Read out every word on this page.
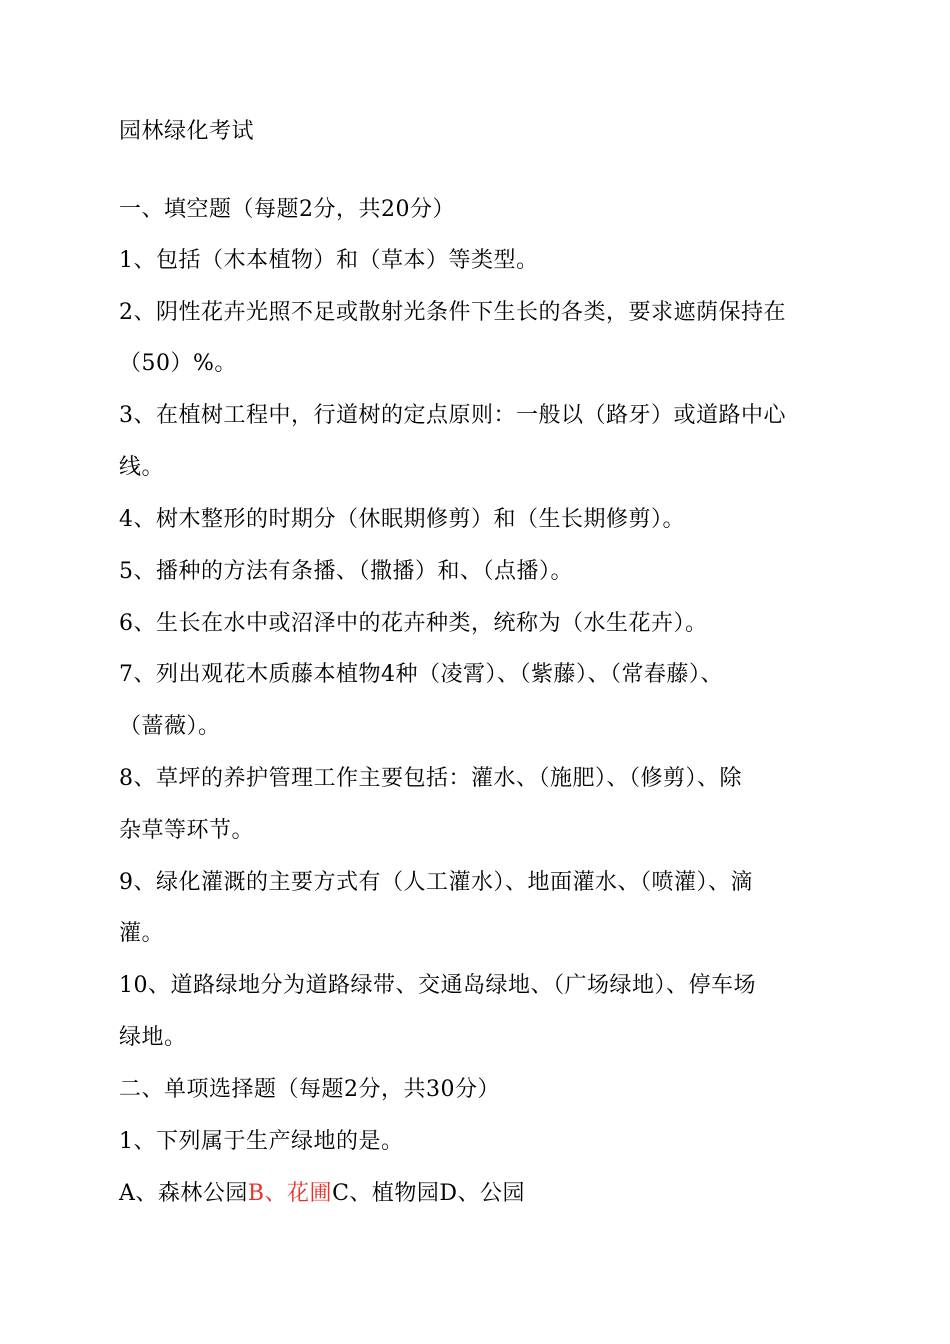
园林绿化考试
一、填空题（每题2分，共20分）
1、包括（木本植物）和（草本）等类型。
2、阴性花卉光照不足或散射光条件下生长的各类，要求遮荫保持在
（50）%。
3、在植树工程中，行道树的定点原则：一般以（路牙）或道路中心
线。
4、树木整形的时期分（休眠期修剪）和（生长期修剪）。
5、播种的方法有条播、（撒播）和、（点播）。
6、生长在水中或沼泽中的花卉种类，统称为（水生花卉）。
7、列出观花木质藤本植物4种（凌霄）、（紫藤）、（常春藤）、
（蔷薇）。
8、草坪的养护管理工作主要包括：灌水、（施肥）、（修剪）、除
杂草等环节。
9、绿化灌溉的主要方式有（人工灌水）、地面灌水、（喷灌）、滴
灌。
10、道路绿地分为道路绿带、交通岛绿地、（广场绿地）、停车场
绿地。
二、单项选择题（每题2分，共30分）
1、下列属于生产绿地的是。
A、森林公园B、花圃C、植物园D、公园
